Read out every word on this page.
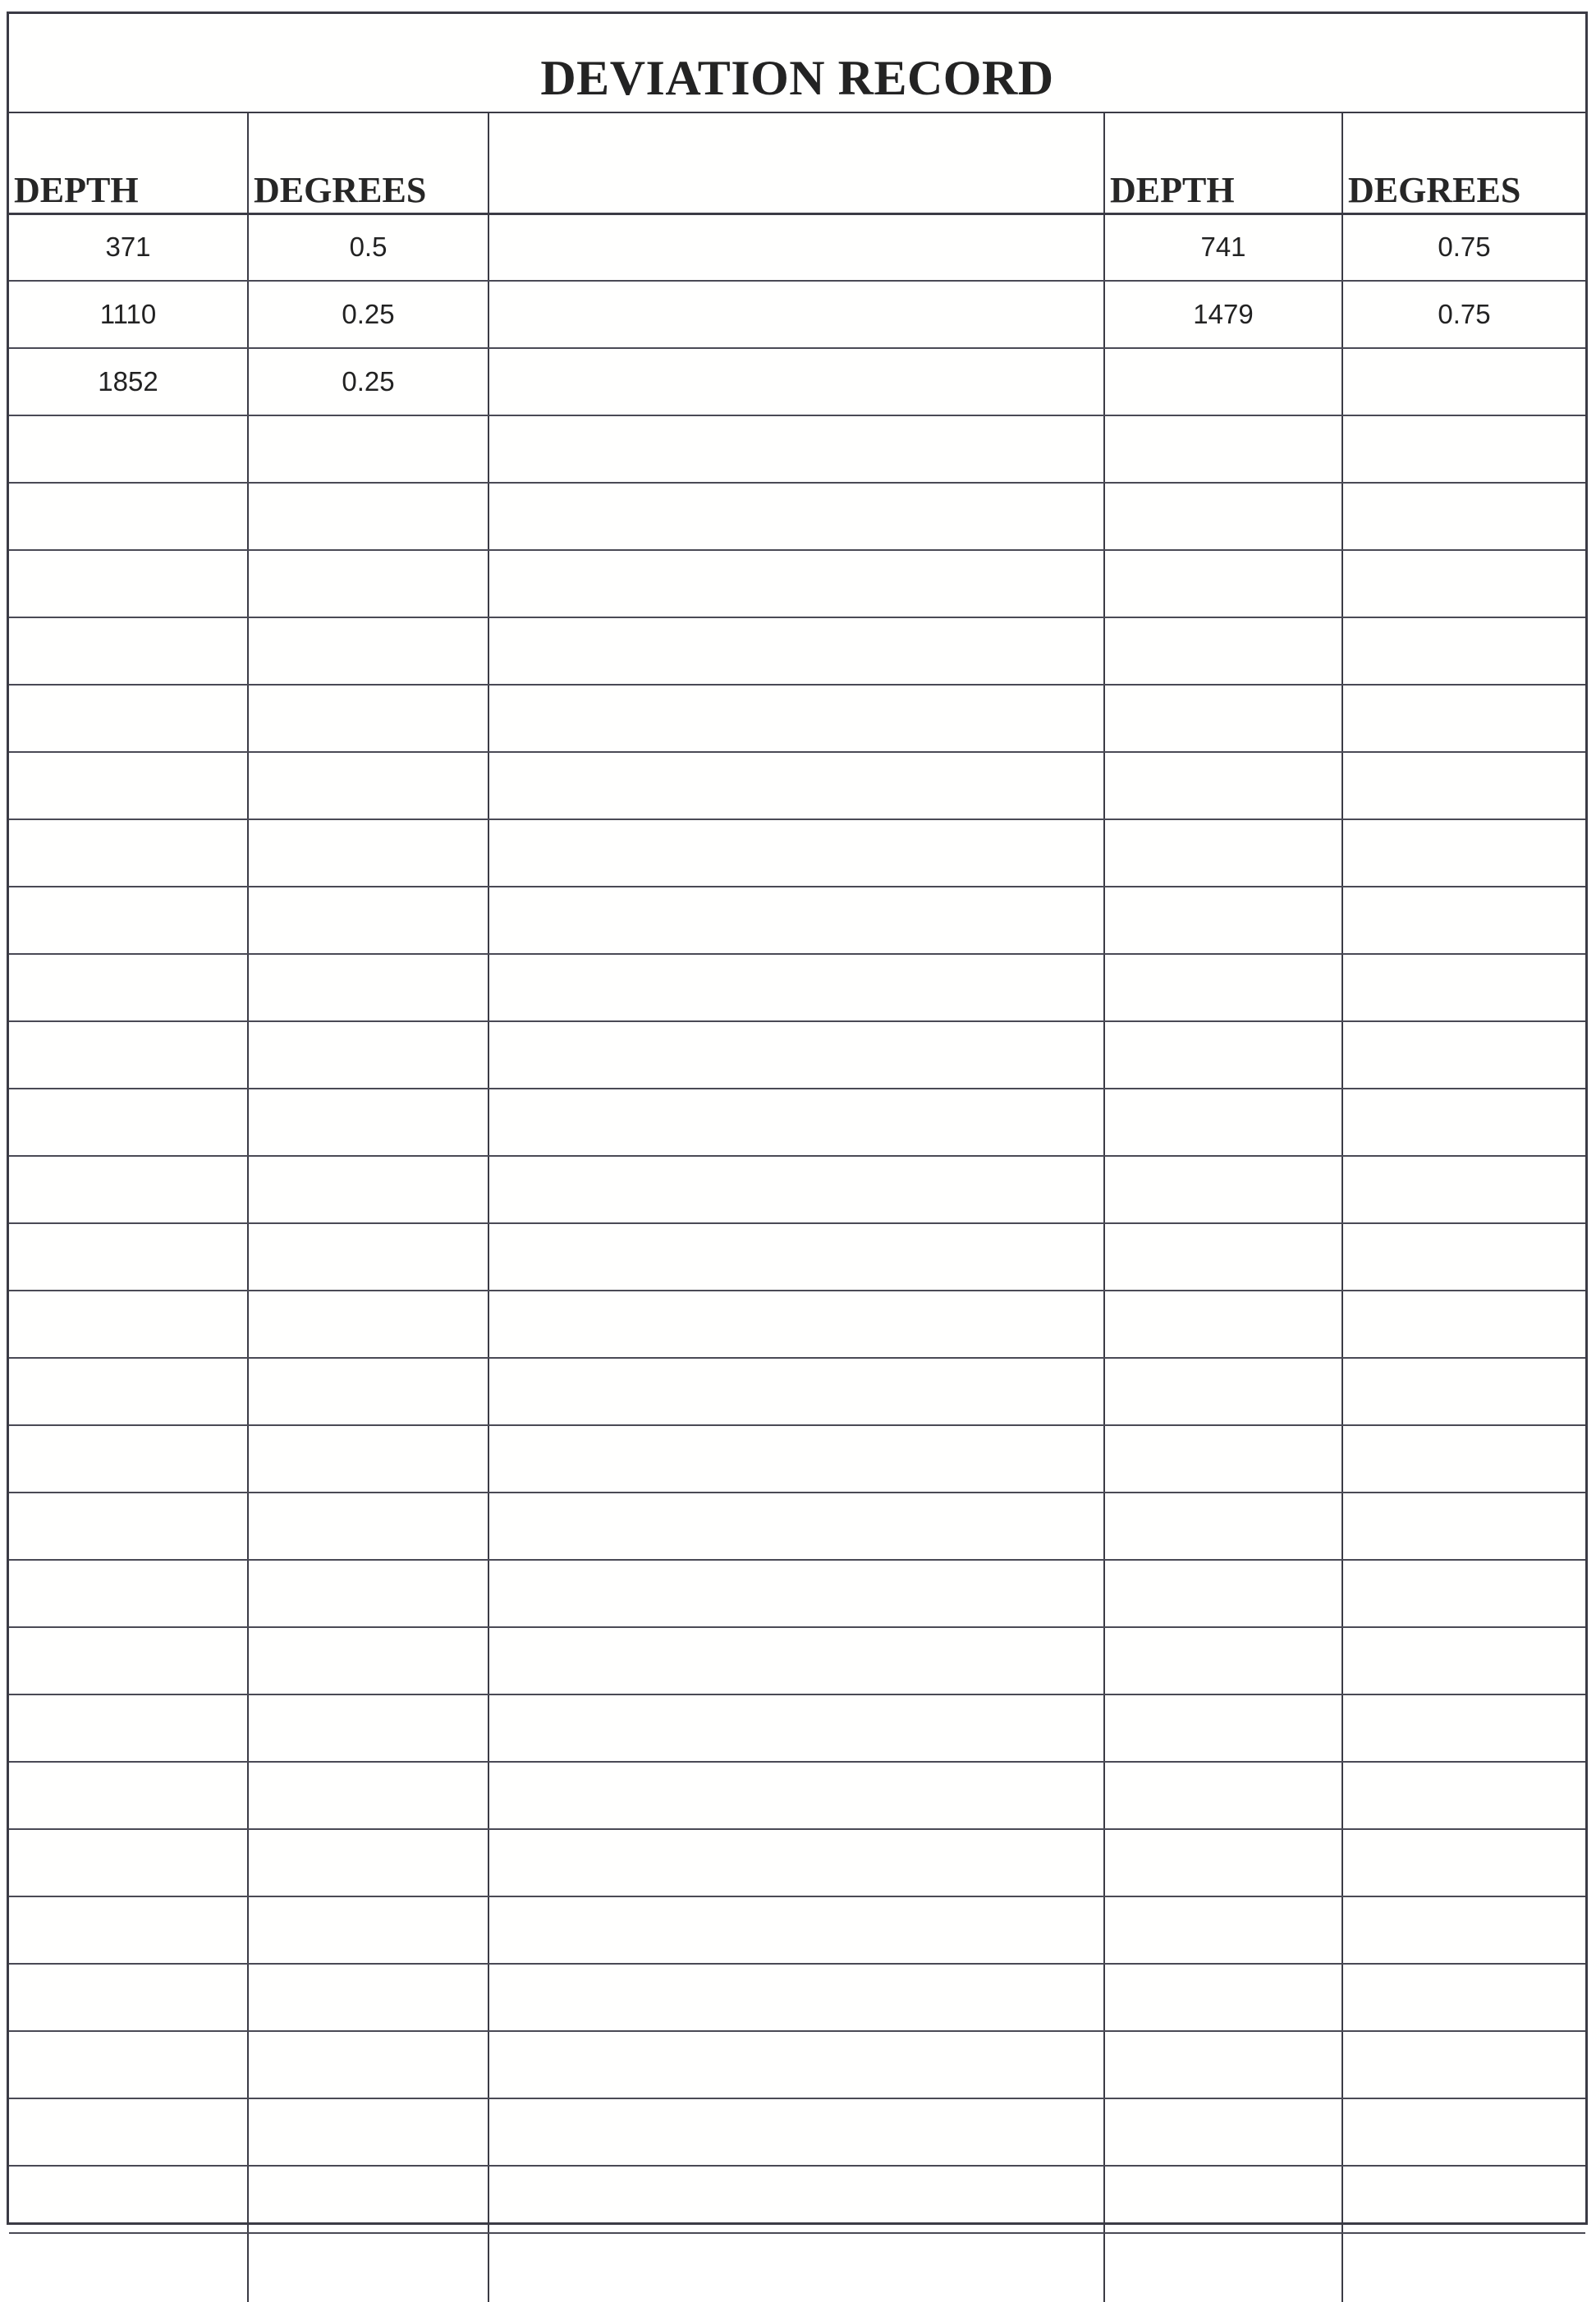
DEVIATION RECORD
DEPTH	DEGREES		DEPTH	DEGREES
371	0.5		741	0.75
1110	0.25		1479	0.75
1852	0.25			
